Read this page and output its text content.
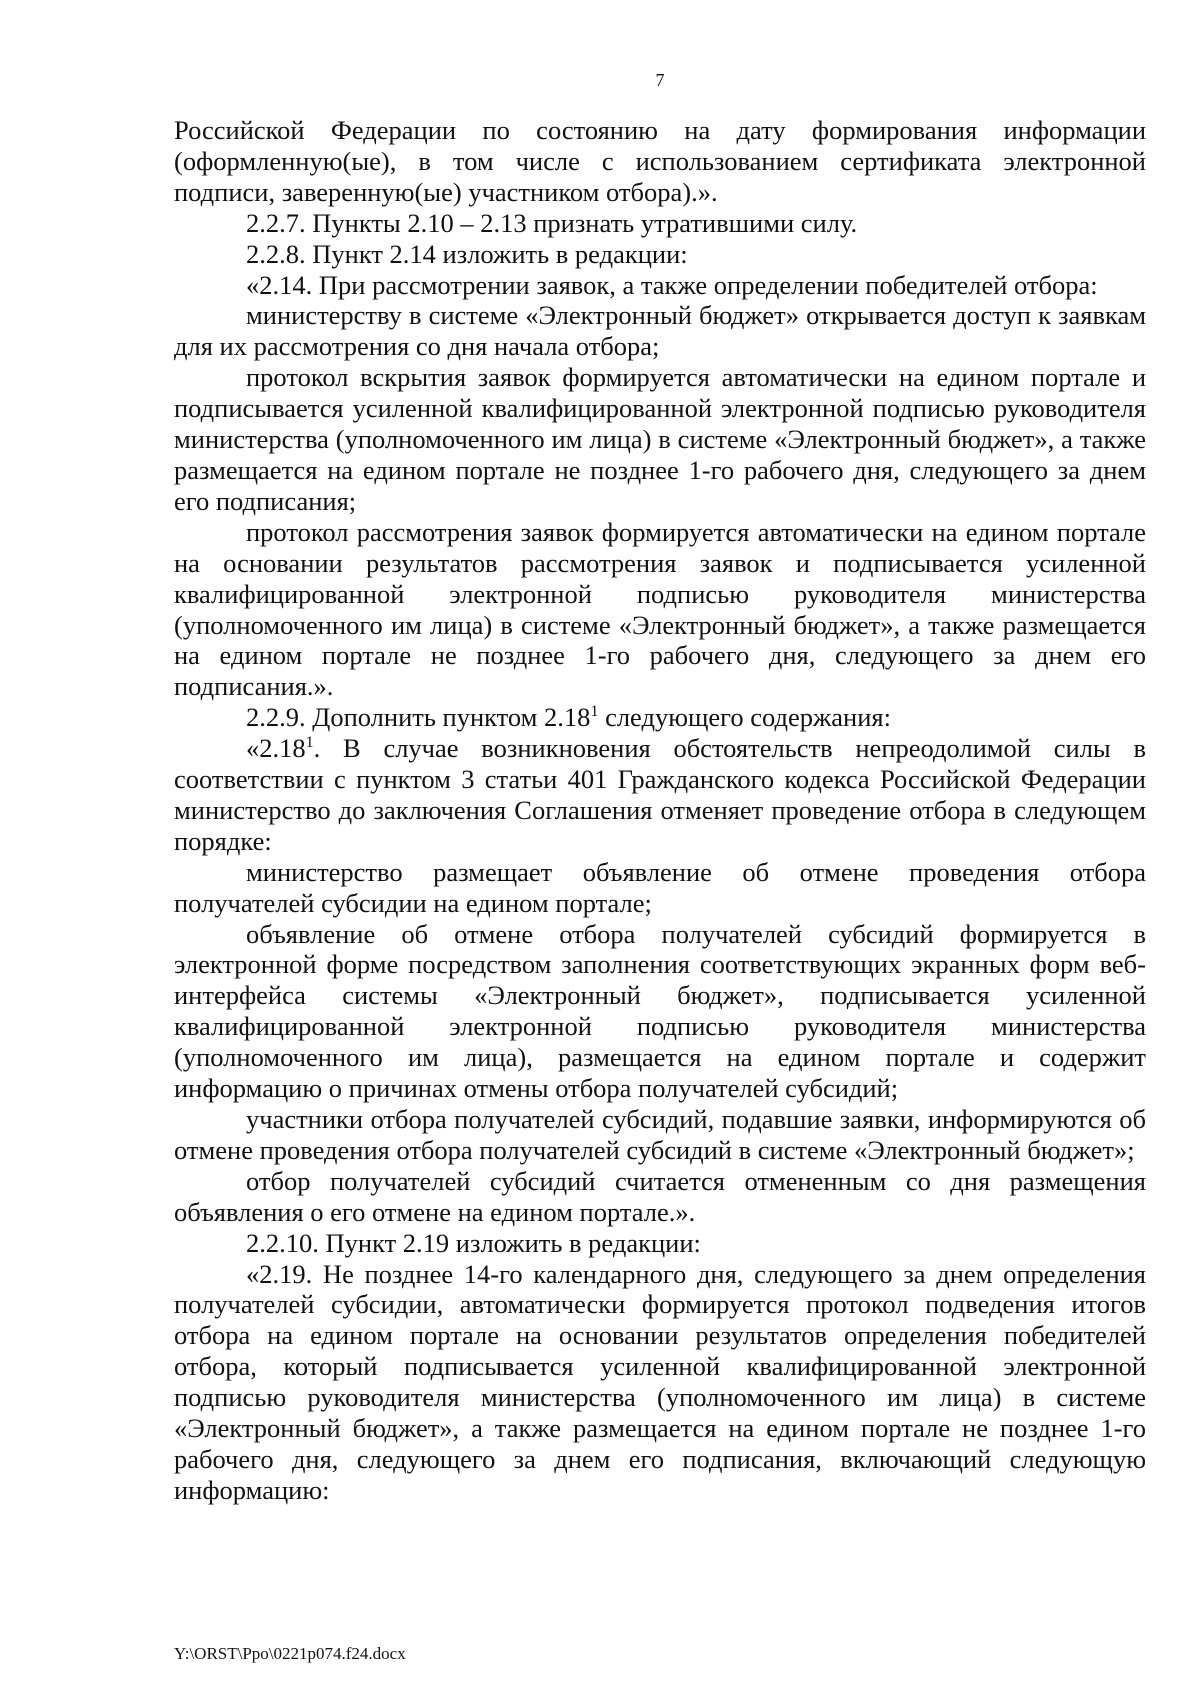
7

Российской Федерации по состоянию на дату формирования информации (оформленную(ые), в том числе с использованием сертификата электронной подписи, заверенную(ые) участником отбора).».

2.2.7. Пункты 2.10 – 2.13 признать утратившими силу.

2.2.8. Пункт 2.14 изложить в редакции:

«2.14. При рассмотрении заявок, а также определении победителей отбора:

министерству в системе «Электронный бюджет» открывается доступ к заявкам для их рассмотрения со дня начала отбора;

протокол вскрытия заявок формируется автоматически на едином портале и подписывается усиленной квалифицированной электронной подписью руководителя министерства (уполномоченного им лица) в системе «Электронный бюджет», а также размещается на едином портале не позднее 1-го рабочего дня, следующего за днем его подписания;

протокол рассмотрения заявок формируется автоматически на едином портале на основании результатов рассмотрения заявок и подписывается усиленной квалифицированной электронной подписью руководителя министерства (уполномоченного им лица) в системе «Электронный бюджет», а также размещается на едином портале не позднее 1-го рабочего дня, следующего за днем его подписания.».

2.2.9. Дополнить пунктом 2.18$^1$ следующего содержания:

«2.18$^1$. В случае возникновения обстоятельств непреодолимой силы в соответствии с пунктом 3 статьи 401 Гражданского кодекса Российской Федерации министерство до заключения Соглашения отменяет проведение отбора в следующем порядке:

министерство размещает объявление об отмене проведения отбора получателей субсидии на едином портале;

объявление об отмене отбора получателей субсидий формируется в электронной форме посредством заполнения соответствующих экранных форм веб-интерфейса системы «Электронный бюджет», подписывается усиленной квалифицированной электронной подписью руководителя министерства (уполномоченного им лица), размещается на едином портале и содержит информацию о причинах отмены отбора получателей субсидий;

участники отбора получателей субсидий, подавшие заявки, информируются об отмене проведения отбора получателей субсидий в системе «Электронный бюджет»;

отбор получателей субсидий считается отмененным со дня размещения объявления о его отмене на едином портале.».

2.2.10. Пункт 2.19 изложить в редакции:

«2.19. Не позднее 14-го календарного дня, следующего за днем определения получателей субсидии, автоматически формируется протокол подведения итогов отбора на едином портале на основании результатов определения победителей отбора, который подписывается усиленной квалифицированной электронной подписью руководителя министерства (уполномоченного им лица) в системе «Электронный бюджет», а также размещается на едином портале не позднее 1-го рабочего дня, следующего за днем его подписания, включающий следующую информацию:

Y:\ORST\Ppo\0221p074.f24.docx
